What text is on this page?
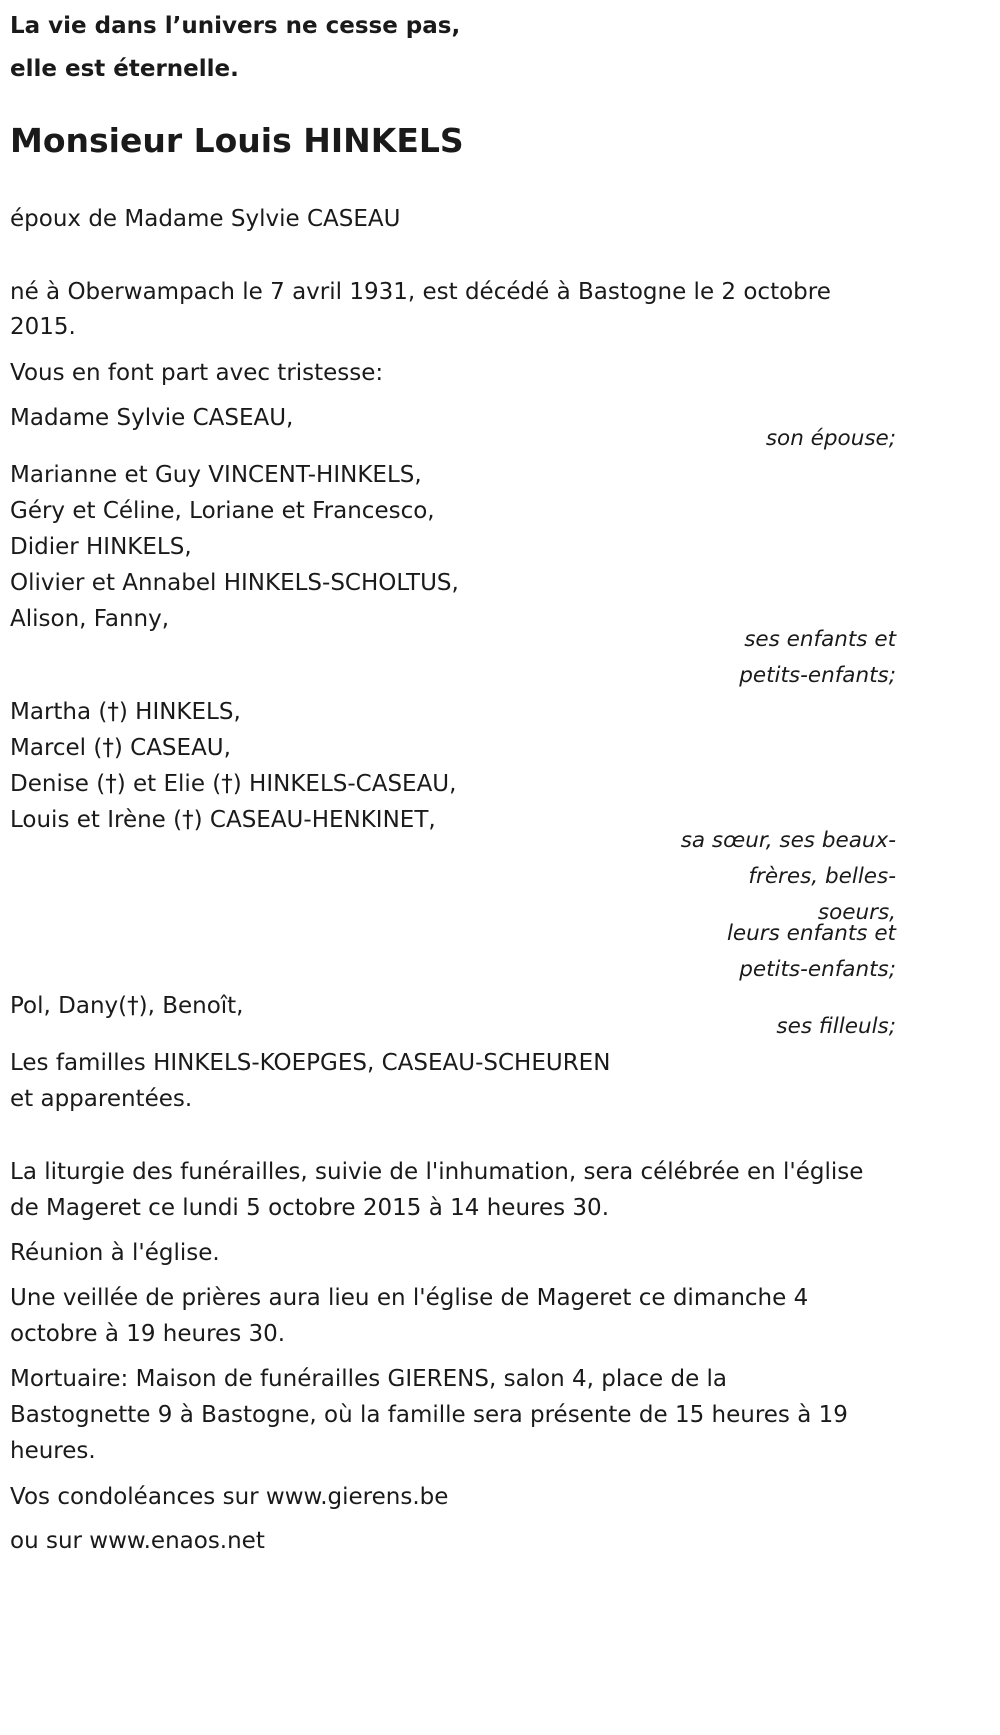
La vie dans l’univers ne cesse pas,
elle est éternelle.
Monsieur Louis HINKELS
époux de Madame Sylvie CASEAU
né à Oberwampach le 7 avril 1931, est décédé à Bastogne le 2 octobre
2015.
Vous en font part avec tristesse:
Madame Sylvie CASEAU,
son épouse;
Marianne et Guy VINCENT-HINKELS,
Géry et Céline, Loriane et Francesco,
Didier HINKELS,
Olivier et Annabel HINKELS-SCHOLTUS,
Alison, Fanny,
ses enfants et
petits-enfants;
Martha (†) HINKELS,
Marcel (†) CASEAU,
Denise (†) et Elie (†) HINKELS-CASEAU,
Louis et Irène (†) CASEAU-HENKINET,
sa sœur, ses beaux-
frères, belles-
soeurs,
leurs enfants et
petits-enfants;
Pol, Dany(†), Benoît,
ses filleuls;
Les familles HINKELS-KOEPGES, CASEAU-SCHEUREN
et apparentées.
La liturgie des funérailles, suivie de l'inhumation, sera célébrée en l'église
de Mageret ce lundi 5 octobre 2015 à 14 heures 30.
Réunion à l'église.
Une veillée de prières aura lieu en l'église de Mageret ce dimanche 4
octobre à 19 heures 30.
Mortuaire: Maison de funérailles GIERENS, salon 4, place de la
Bastognette 9 à Bastogne, où la famille sera présente de 15 heures à 19
heures.
Vos condoléances sur www.gierens.be
ou sur www.enaos.net
